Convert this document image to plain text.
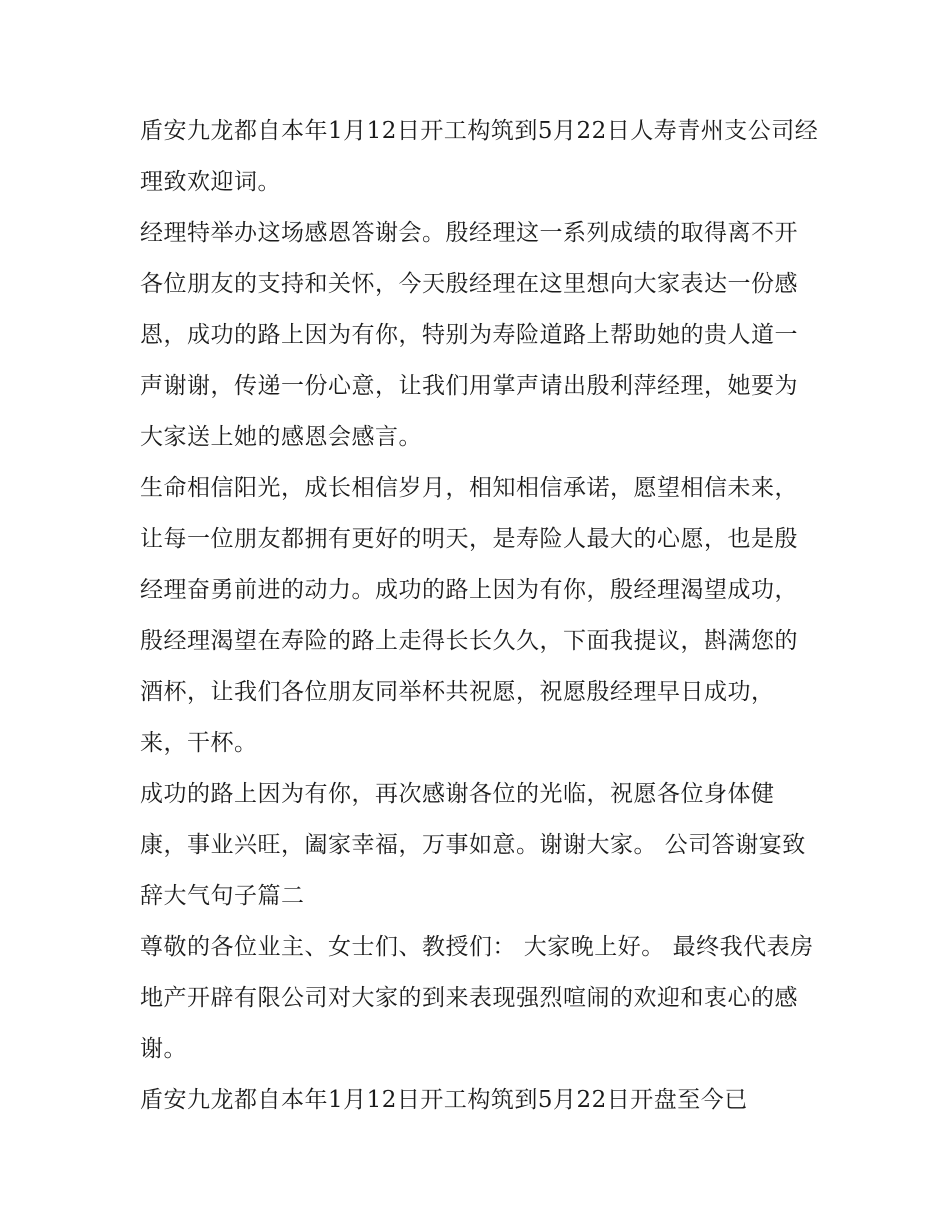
盾安九龙都自本年1月12日开工构筑到5月22日人寿青州支公司经理致欢迎词。

经理特举办这场感恩答谢会。殷经理这一系列成绩的取得离不开各位朋友的支持和关怀，今天殷经理在这里想向大家表达一份感恩，成功的路上因为有你，特别为寿险道路上帮助她的贵人道一声谢谢，传递一份心意，让我们用掌声请出殷利萍经理，她要为大家送上她的感恩会感言。

生命相信阳光，成长相信岁月，相知相信承诺，愿望相信未来，让每一位朋友都拥有更好的明天，是寿险人最大的心愿，也是殷经理奋勇前进的动力。成功的路上因为有你，殷经理渴望成功，殷经理渴望在寿险的路上走得长长久久，下面我提议，斟满您的酒杯，让我们各位朋友同举杯共祝愿，祝愿殷经理早日成功，来，干杯。

成功的路上因为有你，再次感谢各位的光临，祝愿各位身体健康，事业兴旺，阖家幸福，万事如意。谢谢大家。 公司答谢宴致辞大气句子篇二

尊敬的各位业主、女士们、教授们： 大家晚上好。 最终我代表房地产开辟有限公司对大家的到来表现强烈喧闹的欢迎和衷心的感谢。

盾安九龙都自本年1月12日开工构筑到5月22日开盘至今已
